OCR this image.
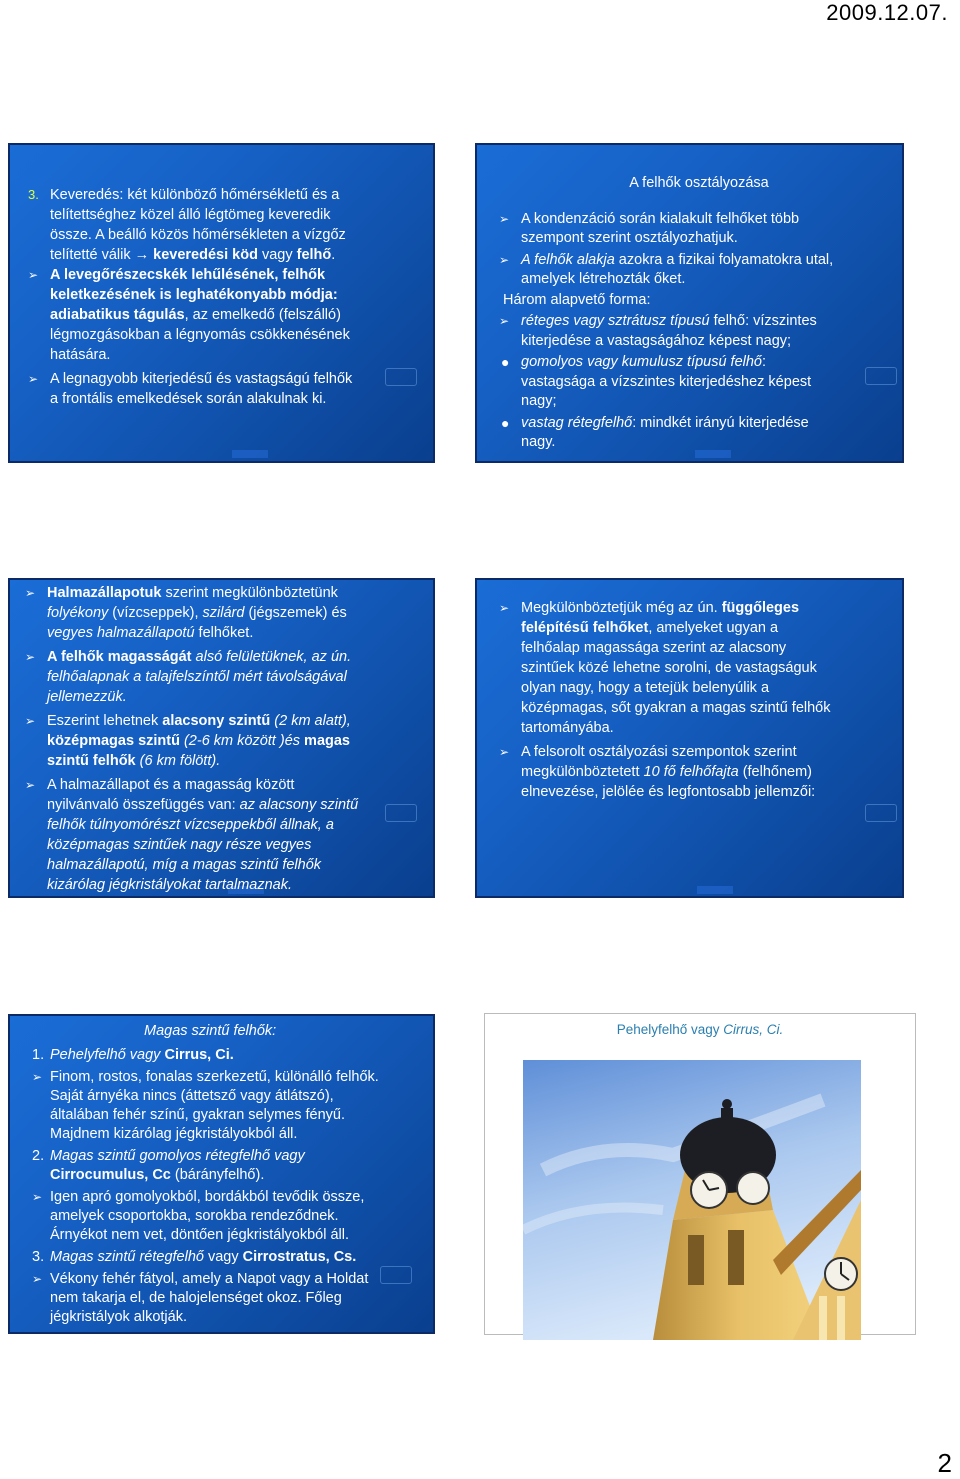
2009.12.07.
3. Keveredés: két különböző hőmérsékletű és a
telítettséghez közel álló légtömeg keveredik
össze. A beálló közös hőmérsékleten a vízgőz
telítetté válik → keveredési köd vagy felhő.
➢ A levegőrészecskék lehűlésének, felhők
keletkezésének is leghatékonyabb módja:
adiabatikus tágulás, az emelkedő (felszálló)
légmozgásokban a légnyomás csökkenésének
hatására.
➢ A legnagyobb kiterjedésű és vastagságú felhők
a frontális emelkedések során alakulnak ki.
A felhők osztályozása
➢ A kondenzáció során kialakult felhőket több
szempont szerint osztályozhatjuk.
➢ A felhők alakja azokra a fizikai folyamatokra utal,
amelyek létrehozták őket.
Három alapvető forma:
➢ réteges vagy sztrátusz típusú felhő: vízszintes
kiterjedése a vastagságához képest nagy;
● gomolyos vagy kumulusz típusú felhő:
vastagsága a vízszintes kiterjedéshez képest
nagy;
● vastag rétegfelhő: mindkét irányú kiterjedése
nagy.
➢ Halmazállapotuk szerint megkülönböztetünk
folyékony (vízcseppek), szilárd (jégszemek) és
vegyes halmazállapotú felhőket.
➢ A felhők magasságát alsó felületüknek, az ún.
felhőalapnak a talajfelszíntől mért távolságával
jellemezzük.
➢ Eszerint lehetnek alacsony szintű (2 km alatt),
középmagas szintű (2-6 km között )és magas
szintű felhők (6 km fölött).
➢ A halmazállapot és a magasság között
nyilvánvaló összefüggés van: az alacsony szintű
felhők túlnyomórészt vízcseppekből állnak, a
középmagas szintűek nagy része vegyes
halmazállapotú, míg a magas szintű felhők
kizárólag jégkristályokat tartalmaznak.
➢ Megkülönböztetjük még az ún. függőleges
felépítésű felhőket, amelyeket ugyan a
felhőalap magassága szerint az alacsony
szintűek közé lehetne sorolni, de vastagságuk
olyan nagy, hogy a tetejük belenyúlik a
középmagas, sőt gyakran a magas szintű felhők
tartományába.
➢ A felsorolt osztályozási szempontok szerint
megkülönböztetett 10 fő felhőfajta (felhőnem)
elnevezése, jelölée és legfontosabb jellemzői:
Magas szintű felhők:
1. Pehelyfelhő vagy Cirrus, Ci.
➢ Finom, rostos, fonalas szerkezetű, különálló felhők.
Saját árnyéka nincs (áttetsző vagy átlátszó),
általában fehér színű, gyakran selymes fényű.
Majdnem kizárólag jégkristályokból áll.
2. Magas szintű gomolyos rétegfelhő vagy
Cirrocumulus, Cc (bárányfelhő).
➢ Igen apró gomolyokból, bordákból tevődik össze,
amelyek csoportokba, sorokba rendeződnek.
Árnyékot nem vet, döntően jégkristályokból áll.
3. Magas szintű rétegfelhő vagy Cirrostratus, Cs.
➢ Vékony fehér fátyol, amely a Napot vagy a Holdat
nem takarja el, de halojelenséget okoz. Főleg
jégkristályok alkotják.
Pehelyfelhő vagy Cirrus, Ci.
2
